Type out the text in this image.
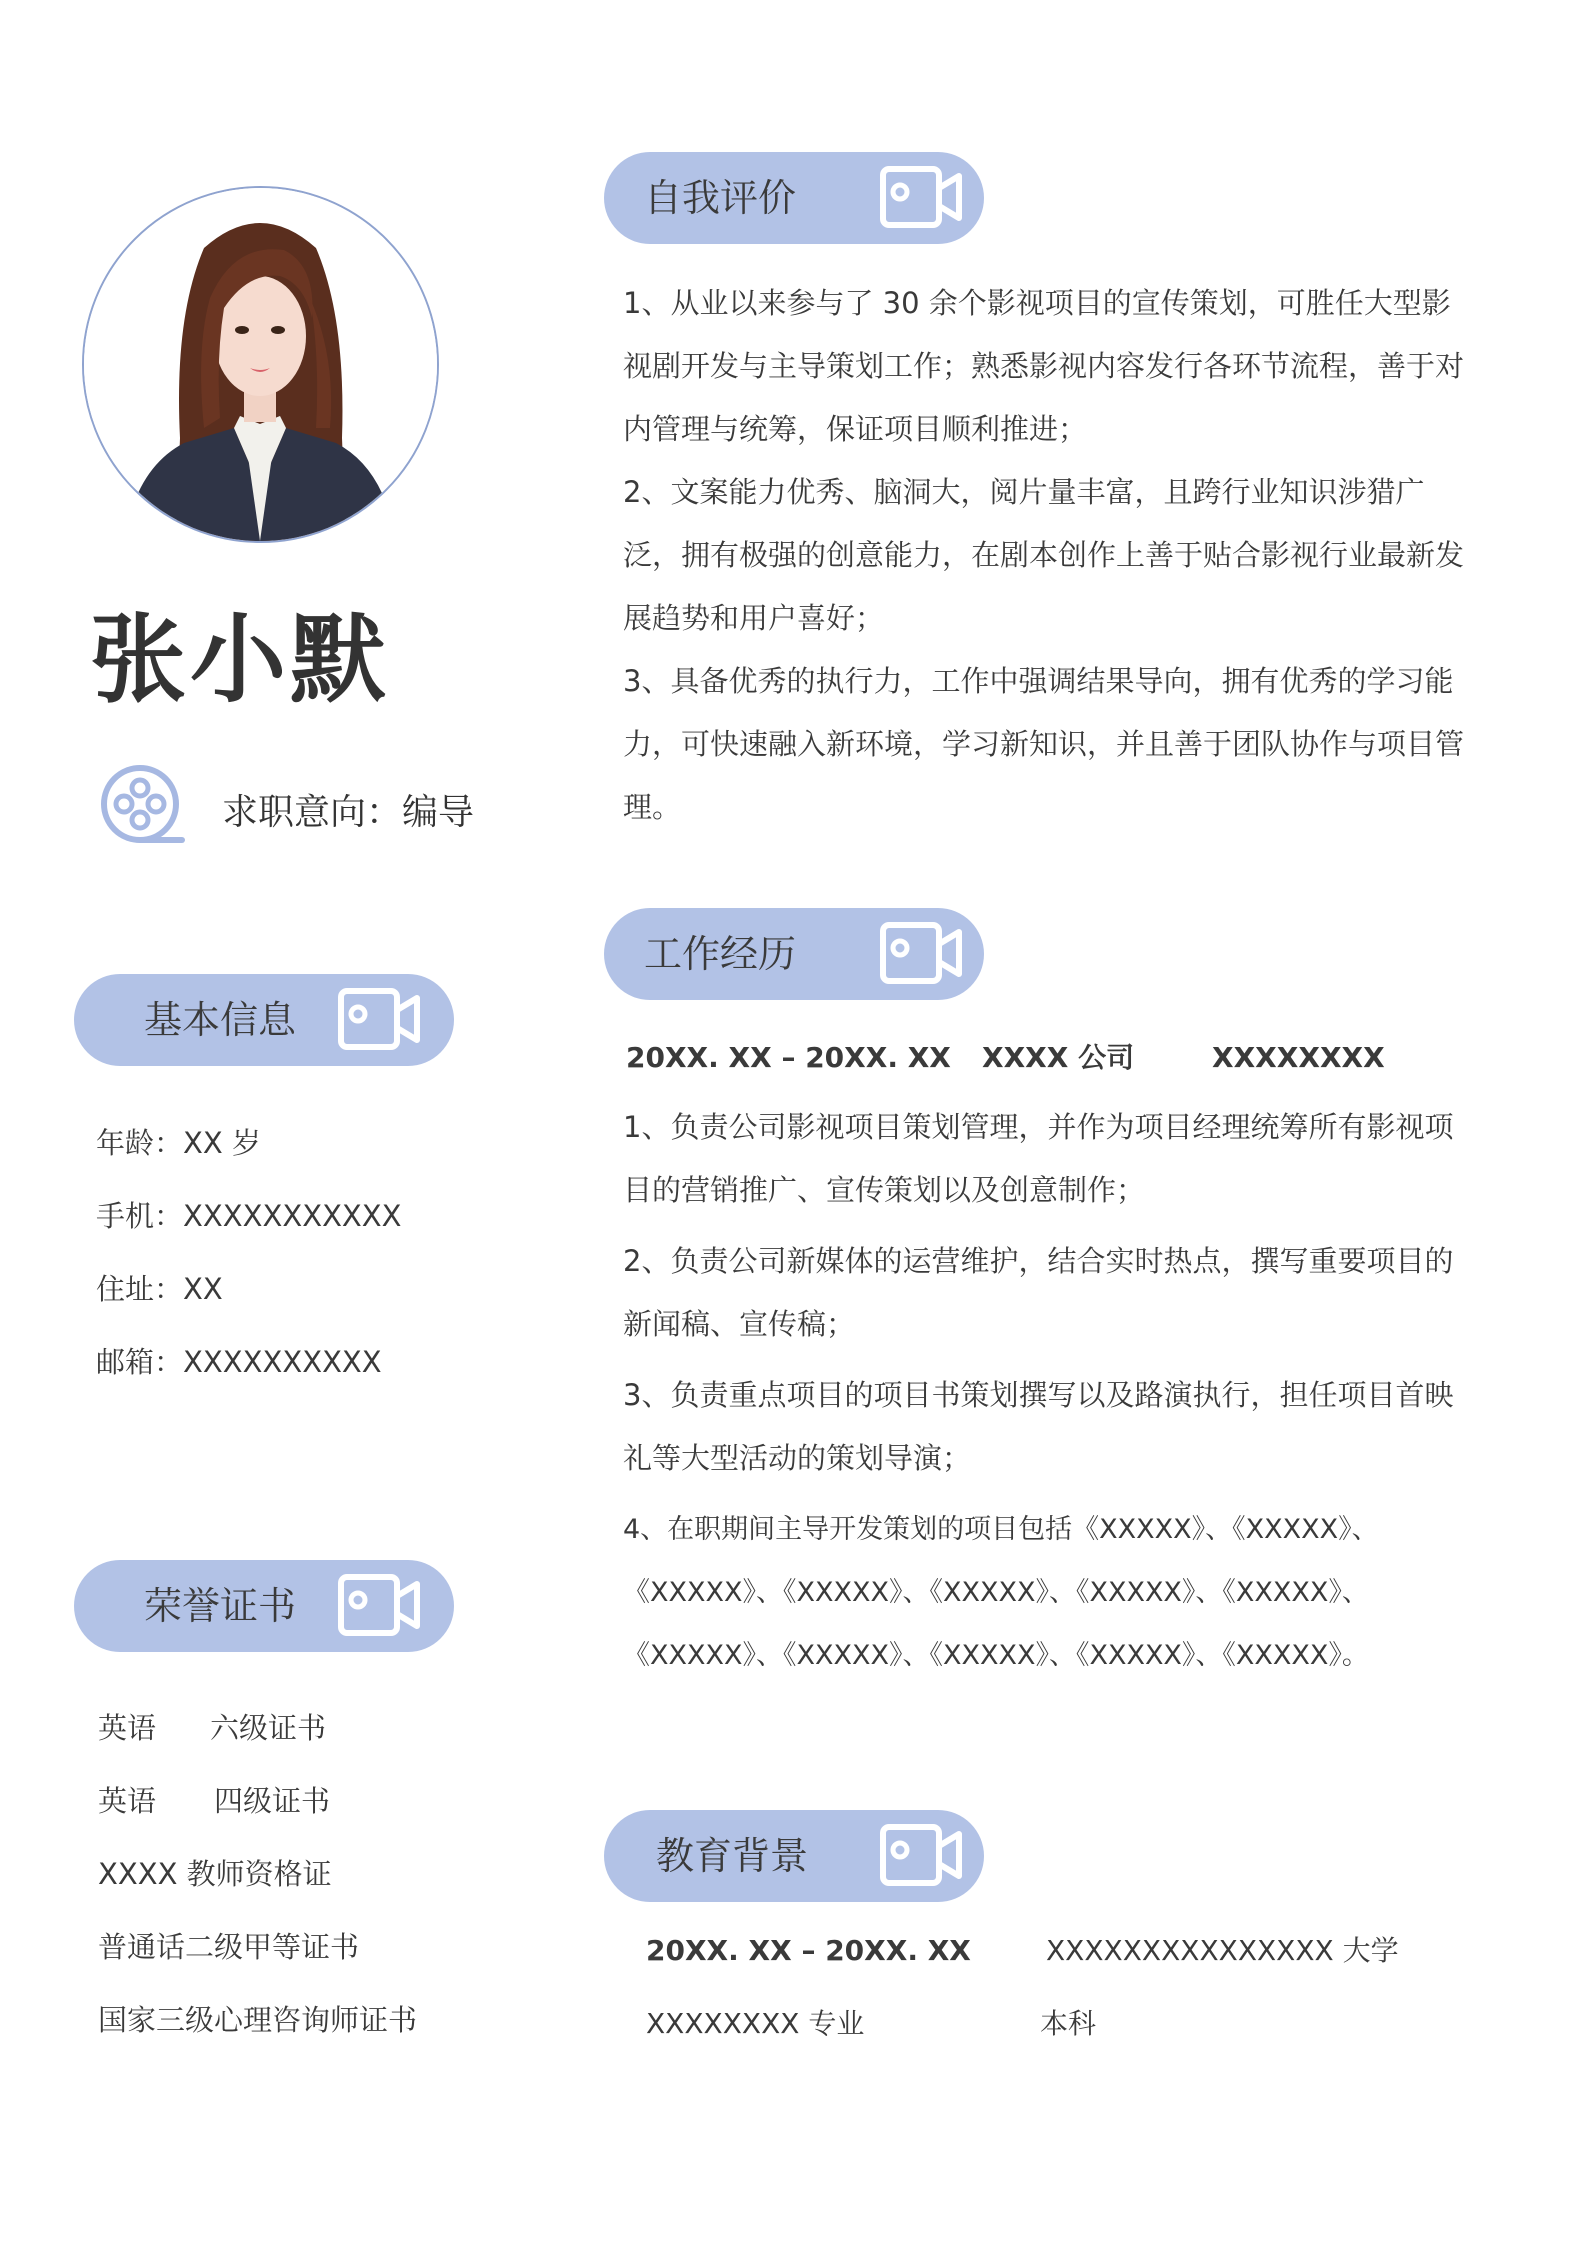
张小默
求职意向：编导
基本信息
年龄：XX 岁
手机：XXXXXXXXXXX
住址：XX
邮箱：XXXXXXXXXX
荣誉证书
英语 六级证书
英语 四级证书
XXXX 教师资格证
普通话二级甲等证书
国家三级心理咨询师证书
自我评价

1、从业以来参与了 30 余个影视项目的宣传策划，可胜任大型影视剧开发与主导策划工作；熟悉影视内容发行各环节流程，善于对内管理与统筹，保证项目顺利推进；

2、文案能力优秀、脑洞大，阅片量丰富，且跨行业知识涉猎广泛，拥有极强的创意能力，在剧本创作上善于贴合影视行业最新发展趋势和用户喜好；

3、具备优秀的执行力，工作中强调结果导向，拥有优秀的学习能力，可快速融入新环境，学习新知识，并且善于团队协作与项目管理。

工作经历
20XX. XX – 20XX. XX XXXX 公司	XXXXXXXX

1、负责公司影视项目策划管理，并作为项目经理统筹所有影视项目的营销推广、宣传策划以及创意制作；

2、负责公司新媒体的运营维护，结合实时热点，撰写重要项目的新闻稿、宣传稿；

3、负责重点项目的项目书策划撰写以及路演执行，担任项目首映礼等大型活动的策划导演；

4、在职期间主导开发策划的项目包括《XXXXX》、《XXXXX》、《XXXXX》、《XXXXX》、《XXXXX》、《XXXXX》、《XXXXX》、《XXXXX》、《XXXXX》、《XXXXX》、《XXXXX》、《XXXXX》。

教育背景
20XX. XX – 20XX. XX	XXXXXXXXXXXXXXX 大学
XXXXXXXX 专业	本科
